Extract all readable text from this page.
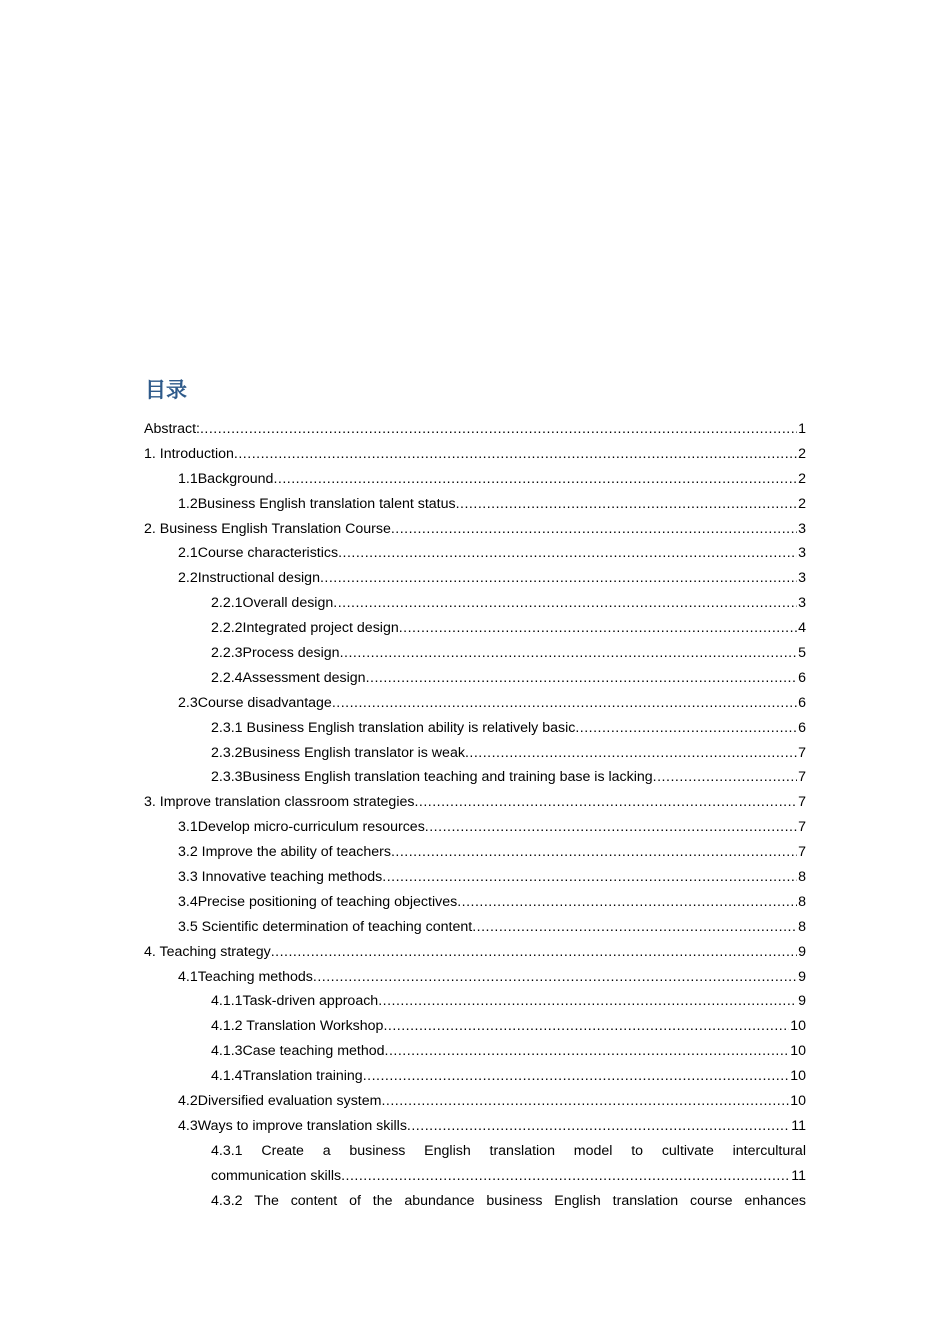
目录
Abstract: .....	1
1. Introduction .....	2
1.1Background .....	2
1.2Business English translation talent status .....	2
2. Business English Translation Course .....	3
2.1Course characteristics .....	3
2.2Instructional design .....	3
2.2.1Overall design .....	3
2.2.2Integrated project design .....	4
2.2.3Process design .....	5
2.2.4Assessment design .....	6
2.3Course disadvantage .....	6
2.3.1 Business English translation ability is relatively basic .....	6
2.3.2Business English translator is weak .....	7
2.3.3Business English translation teaching and training base is lacking .....	7
3. Improve translation classroom strategies .....	7
3.1Develop micro-curriculum resources .....	7
3.2 Improve the ability of teachers .....	7
3.3 Innovative teaching methods .....	8
3.4Precise positioning of teaching objectives .....	8
3.5 Scientific determination of teaching content .....	8
4. Teaching strategy .....	9
4.1Teaching methods .....	9
4.1.1Task-driven approach .....	9
4.1.2 Translation Workshop .....	10
4.1.3Case teaching method .....	10
4.1.4Translation training .....	10
4.2Diversified evaluation system .....	10
4.3Ways to improve translation skills .....	11
4.3.1 Create a business English translation model to cultivate intercultural
communication skills .....	11
4.3.2 The content of the abundance business English translation course enhances
